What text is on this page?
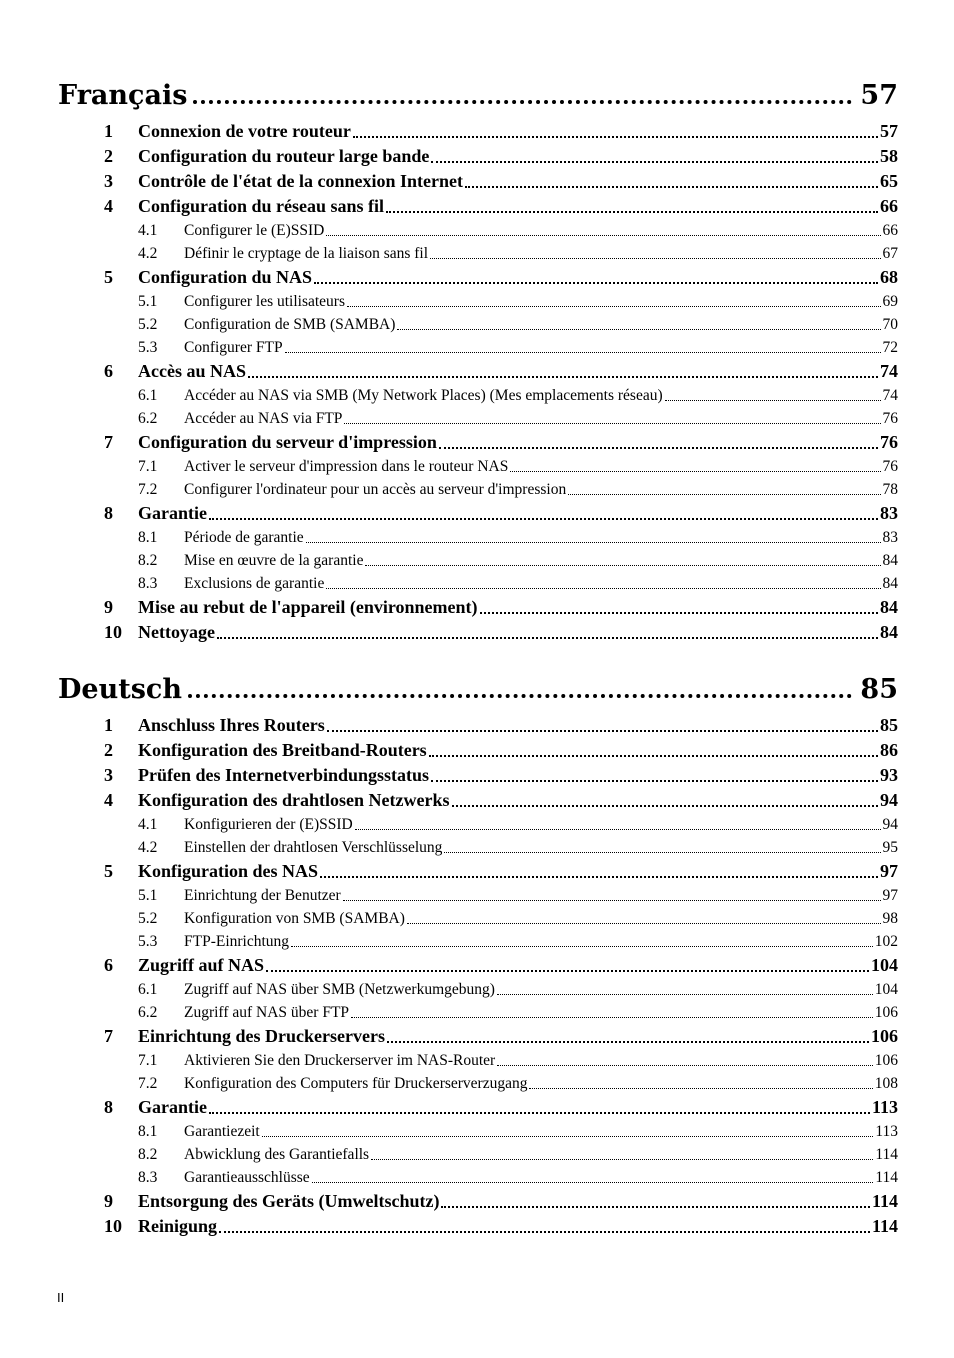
Français	57
1	Connexion de votre routeur	57
2	Configuration du routeur large bande	58
3	Contrôle de l'état de la connexion Internet	65
4	Configuration du réseau sans fil	66
4.1	Configurer le (E)SSID	66
4.2	Définir le cryptage de la liaison sans fil	67
5	Configuration du NAS	68
5.1	Configurer les utilisateurs	69
5.2	Configuration de SMB (SAMBA)	70
5.3	Configurer FTP	72
6	Accès au NAS	74
6.1	Accéder au NAS via SMB (My Network Places) (Mes emplacements réseau)	74
6.2	Accéder au NAS via FTP	76
7	Configuration du serveur d'impression	76
7.1	Activer le serveur d'impression dans le routeur NAS	76
7.2	Configurer l'ordinateur pour un accès au serveur d'impression	78
8	Garantie	83
8.1	Période de garantie	83
8.2	Mise en œuvre de la garantie	84
8.3	Exclusions de garantie	84
9	Mise au rebut de l'appareil (environnement)	84
10 Nettoyage	84
Deutsch	85
1	Anschluss Ihres Routers	85
2	Konfiguration des Breitband-Routers	86
3	Prüfen des Internetverbindungsstatus	93
4	Konfiguration des drahtlosen Netzwerks	94
4.1	Konfigurieren der (E)SSID	94
4.2	Einstellen der drahtlosen Verschlüsselung	95
5	Konfiguration des NAS	97
5.1	Einrichtung der Benutzer	97
5.2	Konfiguration von SMB (SAMBA)	98
5.3	FTP-Einrichtung	102
6	Zugriff auf NAS	104
6.1	Zugriff auf NAS über SMB (Netzwerkumgebung)	104
6.2	Zugriff auf NAS über FTP	106
7	Einrichtung des Druckerservers	106
7.1	Aktivieren Sie den Druckerserver im NAS-Router	106
7.2	Konfiguration des Computers für Druckerserverzugang	108
8	Garantie	113
8.1	Garantiezeit	113
8.2	Abwicklung des Garantiefalls	114
8.3	Garantieausschlüsse	114
9	Entsorgung des Geräts (Umweltschutz)	114
10 Reinigung	114
II
